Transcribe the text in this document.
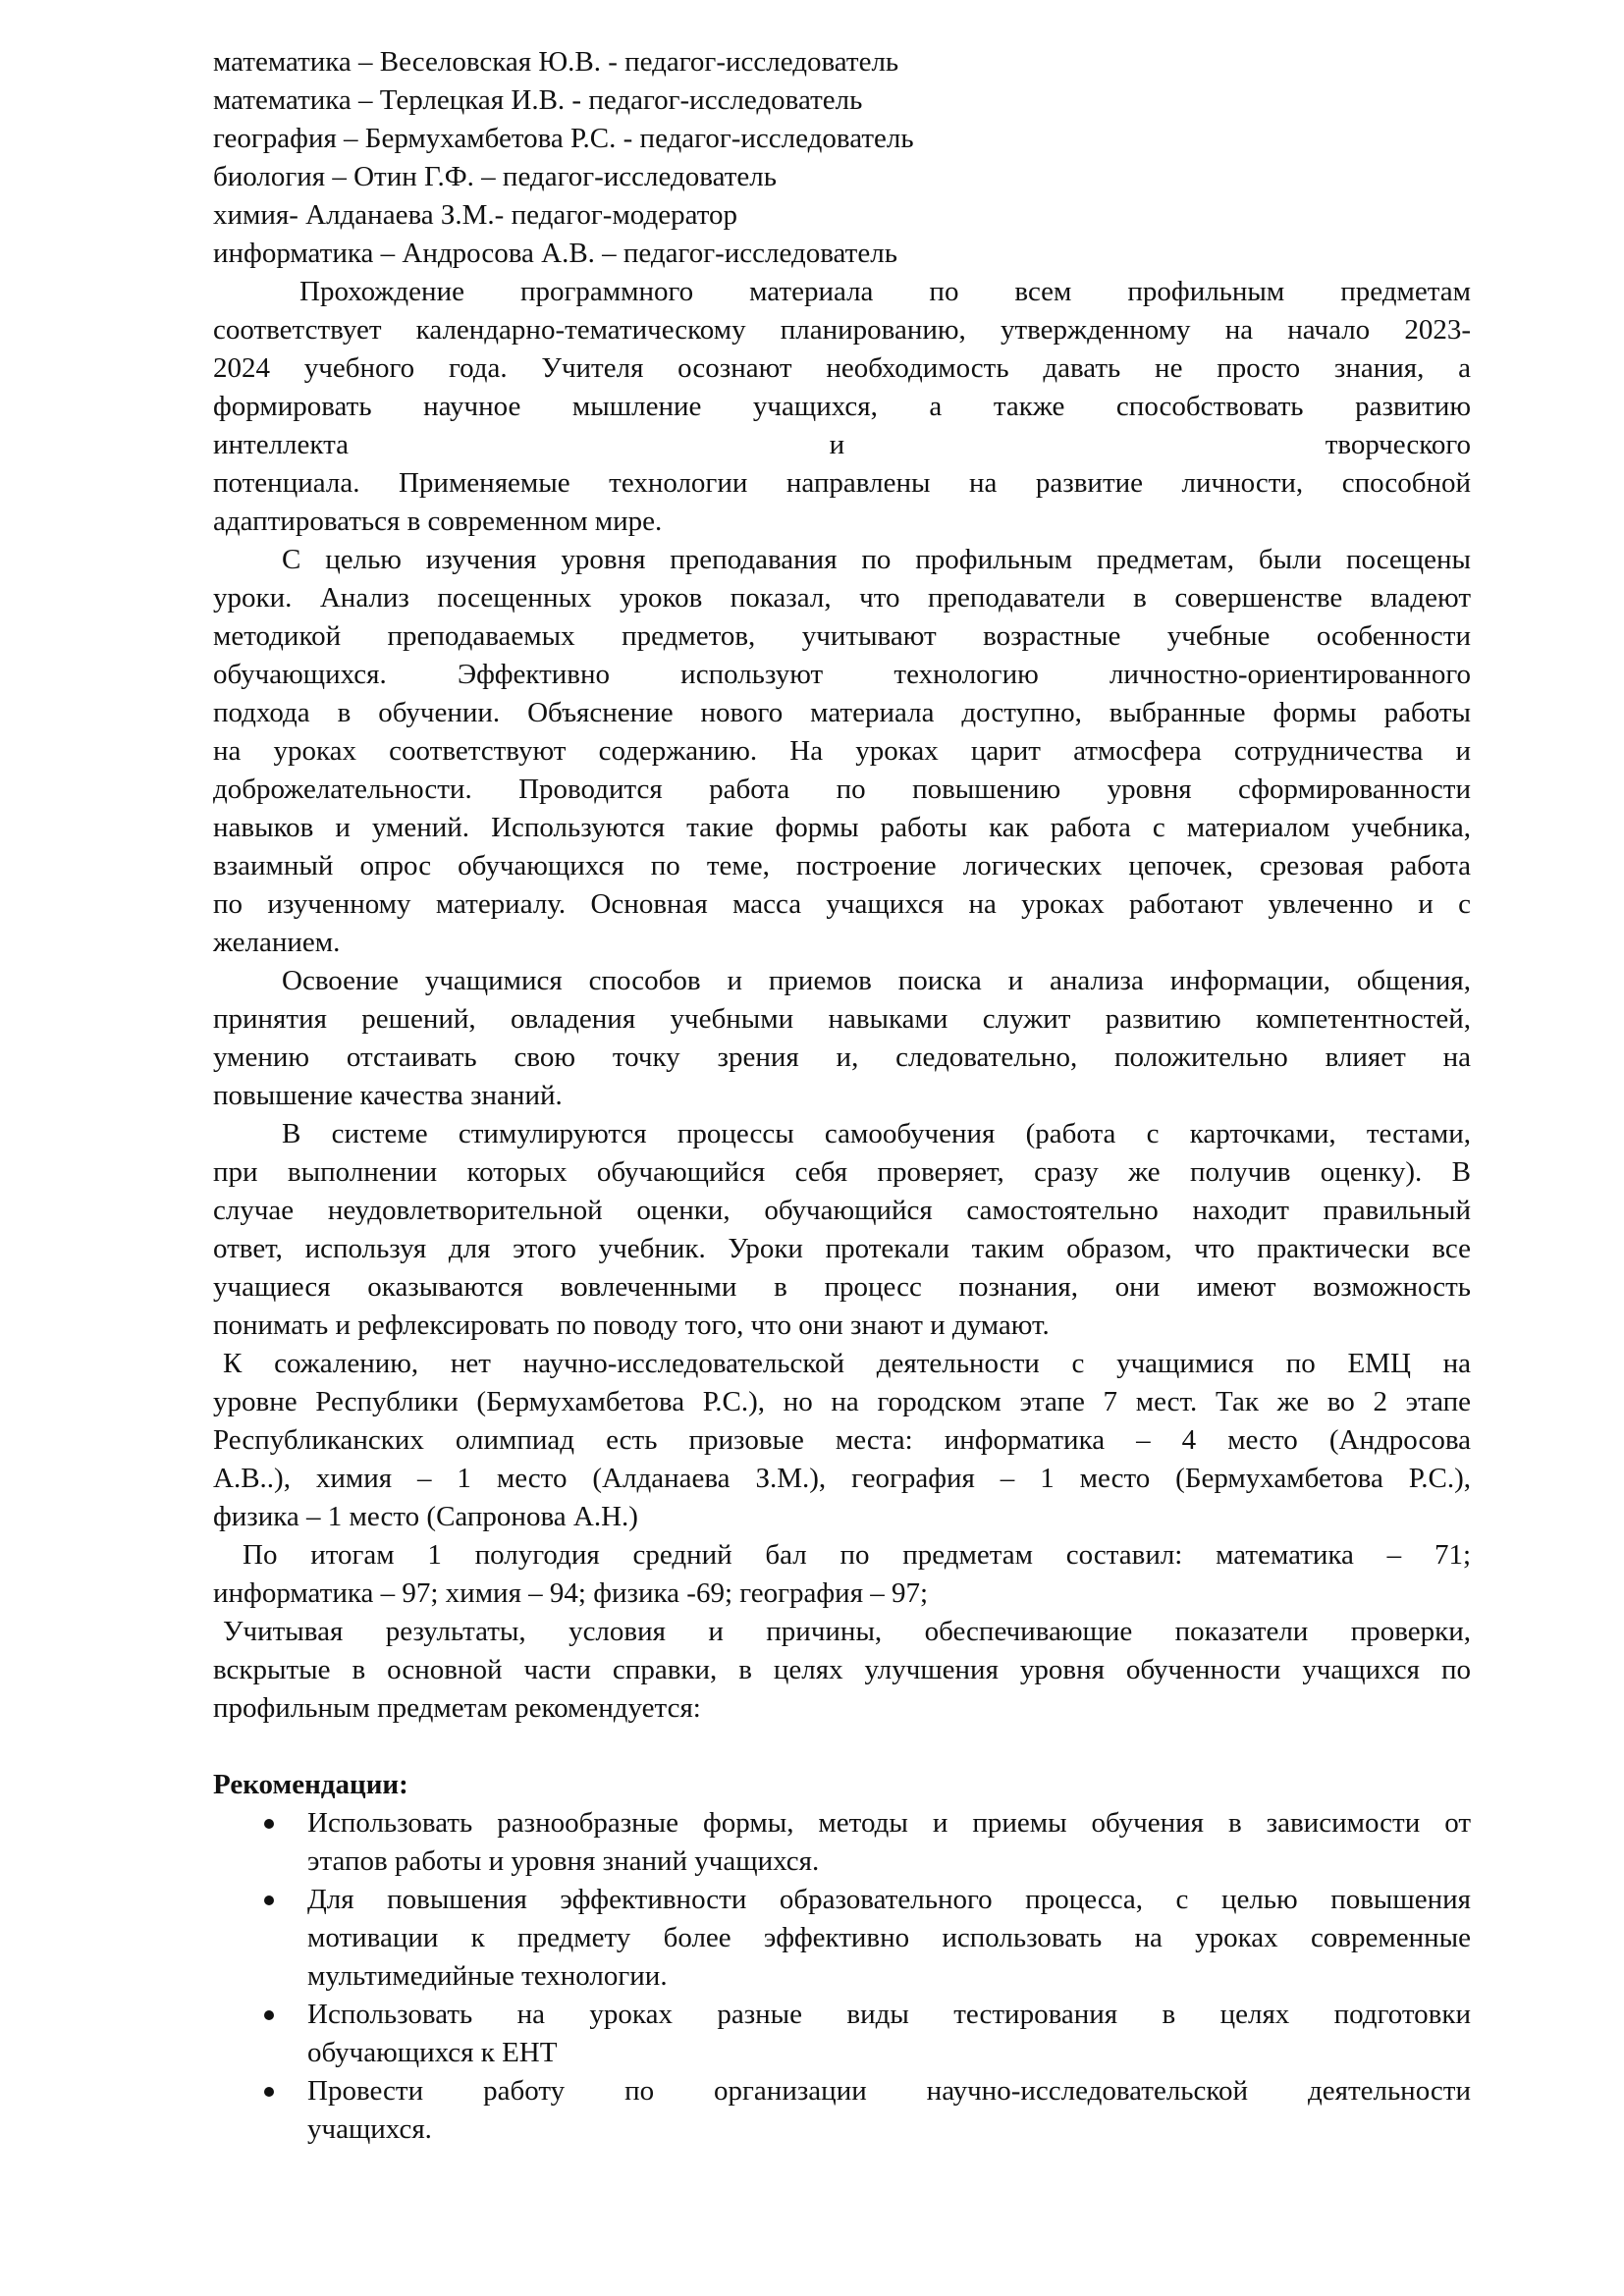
математика – Веселовская Ю.В. - педагог-исследователь
математика – Терлецкая И.В. - педагог-исследователь
география – Бермухамбетова Р.С. - педагог-исследователь
биология – Отин Г.Ф. – педагог-исследователь
химия- Алданаева З.М.- педагог-модератор
информатика – Андросова А.В. – педагог-исследователь
Прохождение программного материала по всем профильным предметам
соответствует календарно-тематическому планированию, утвержденному на начало 2023-
2024 учебного года. Учителя осознают необходимость давать не просто знания, а
формировать научное мышление учащихся, а также способствовать развитию
интеллекта и творческого
потенциала. Применяемые технологии направлены на развитие личности, способной
адаптироваться в современном мире.
С целью изучения уровня преподавания по профильным предметам, были посещены
уроки. Анализ посещенных уроков показал, что преподаватели в совершенстве владеют
методикой преподаваемых предметов, учитывают возрастные учебные особенности
обучающихся. Эффективно используют технологию личностно-ориентированного
подхода в обучении. Объяснение нового материала доступно, выбранные формы работы
на уроках соответствуют содержанию. На уроках царит атмосфера сотрудничества и
доброжелательности. Проводится работа по повышению уровня сформированности
навыков и умений. Используются такие формы работы как работа с материалом учебника,
взаимный опрос обучающихся по теме, построение логических цепочек, срезовая работа
по изученному материалу. Основная масса учащихся на уроках работают увлеченно и с
желанием.
Освоение учащимися способов и приемов поиска и анализа информации, общения,
принятия решений, овладения учебными навыками служит развитию компетентностей,
умению отстаивать свою точку зрения и, следовательно, положительно влияет на
повышение качества знаний.
В системе стимулируются процессы самообучения (работа с карточками, тестами,
при выполнении которых обучающийся себя проверяет, сразу же получив оценку). В
случае неудовлетворительной оценки, обучающийся самостоятельно находит правильный
ответ, используя для этого учебник. Уроки протекали таким образом, что практически все
учащиеся оказываются вовлеченными в процесс познания, они имеют возможность
понимать и рефлексировать по поводу того, что они знают и думают.
К сожалению, нет научно-исследовательской деятельности с учащимися по ЕМЦ на
уровне Республики (Бермухамбетова Р.С.), но на городском этапе 7 мест. Так же во 2 этапе
Республиканских олимпиад есть призовые места: информатика – 4 место (Андросова
А.В..), химия – 1 место (Алданаева З.М.), география – 1 место (Бермухамбетова Р.С.),
физика – 1 место (Сапронова А.Н.)
По итогам 1 полугодия средний бал по предметам составил: математика – 71;
информатика – 97; химия – 94; физика -69; география – 97;
Учитывая результаты, условия и причины, обеспечивающие показатели проверки,
вскрытые в основной части справки, в целях улучшения уровня обученности учащихся по
профильным предметам рекомендуется:
Рекомендации:
Использовать разнообразные формы, методы и приемы обучения в зависимости от
этапов работы и уровня знаний учащихся.
Для повышения эффективности образовательного процесса, с целью повышения
мотивации к предмету более эффективно использовать на уроках современные
мультимедийные технологии.
Использовать на уроках разные виды тестирования в целях подготовки
обучающихся к ЕНТ
Провести работу по организации научно-исследовательской деятельности
учащихся.
